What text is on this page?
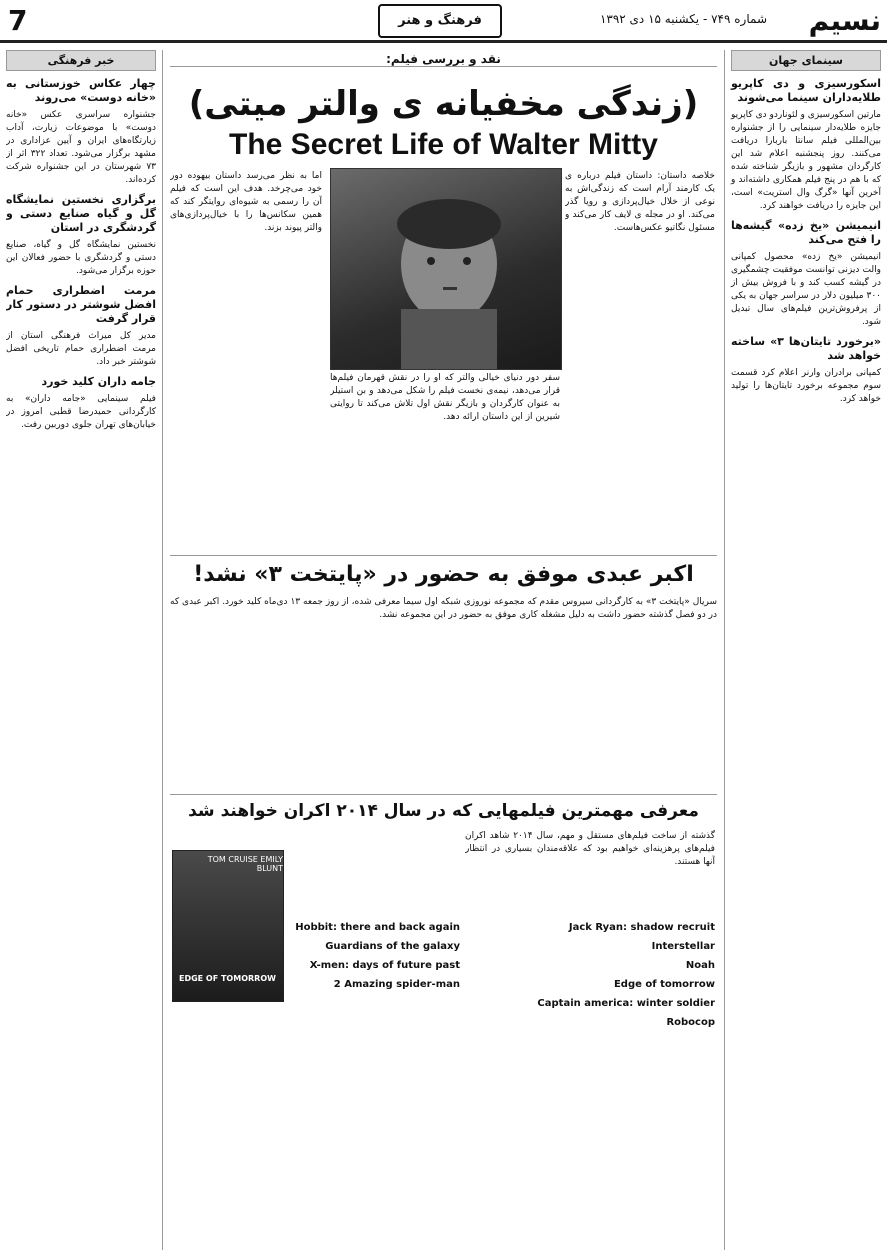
نسیم
شماره ۷۴۹ - یکشنبه ۱۵ دی ۱۳۹۲
فرهنگ و هنر
7
سینمای جهان
اسکورسیزی و دی کاپریو طلایه‌داران سینما می‌شوند

مارتین اسکورسیزی و لئوناردو دی کاپریو جایزه طلایه‌دار سینمایی را از جشنواره بین‌المللی فیلم سانتا باربارا دریافت می‌کنند. روز پنجشنبه اعلام شد این کارگردان مشهور و بازیگر شناخته شده که با هم در پنج فیلم همکاری داشته‌اند و آخرین آنها «گرگ وال استریت» است، این جایزه را دریافت خواهند کرد.

انیمیشن «یخ زده» گیشه‌ها را فتح می‌کند

انیمیشن «یخ زده» محصول کمپانی والت دیزنی توانست موفقیت چشمگیری در گیشه کسب کند و با فروش بیش از ۳۰۰ میلیون دلار در سراسر جهان به یکی از پرفروش‌ترین فیلم‌های سال تبدیل شود.

«برخورد تایتان‌ها ۳» ساخته خواهد شد

کمپانی برادران وارنر اعلام کرد قسمت سوم مجموعه برخورد تایتان‌ها را تولید خواهد کرد.

خبر فرهنگی
چهار عکاس خوزستانی به «خانه دوست» می‌روند

جشنواره سراسری عکس «خانه دوست» با موضوعات زیارت، آداب زیارتگاه‌های ایران و آیین عزاداری در مشهد برگزار می‌شود. تعداد ۳۲۲ اثر از ۷۳ شهرستان در این جشنواره شرکت کرده‌اند.

برگزاری نخستین نمایشگاه گل و گیاه صنایع دستی و گردشگری در استان

نخستین نمایشگاه گل و گیاه، صنایع دستی و گردشگری با حضور فعالان این حوزه برگزار می‌شود.

مرمت اضطراری حمام افضل شوشتر در دستور کار قرار گرفت

مدیر کل میراث فرهنگی استان از مرمت اضطراری حمام تاریخی افضل شوشتر خبر داد.

جامه داران کلید خورد

فیلم سینمایی «جامه داران» به کارگردانی حمیدرضا قطبی امروز در خیابان‌های تهران جلوی دوربین رفت.

نقد و بررسی فیلم:
(زندگی مخفیانه ی والتر میتی)
The Secret Life of Walter Mitty
خلاصه داستان: داستان فیلم درباره ی یک کارمند آرام است که زندگی‌اش به نوعی از خلال خیال‌پردازی و رویا گذر می‌کند. او در مجله ی لایف کار می‌کند و مسئول نگاتیو عکس‌هاست.
سفر دور دنیای خیالی والتر که او را در نقش قهرمان فیلم‌ها قرار می‌دهد، نیمه‌ی نخست فیلم را شکل می‌دهد و بن استیلر به عنوان کارگردان و بازیگر نقش اول تلاش می‌کند تا روایتی شیرین از این داستان ارائه دهد.
اما به نظر می‌رسد داستان بیهوده دور خود می‌چرخد. هدف این است که فیلم آن را رسمی به شیوه‌ای روایتگر کند که همین سکانس‌ها را با خیال‌پردازی‌های والتر پیوند بزند.
اکبر عبدی موفق به حضور در «پایتخت ۳» نشد!
سریال «پایتخت ۳» به کارگردانی سیروس مقدم که مجموعه نوروزی شبکه اول سیما معرفی شده، از روز جمعه ۱۳ دی‌ماه کلید خورد. اکبر عبدی که در دو فصل گذشته حضور داشت به دلیل مشغله کاری موفق به حضور در این مجموعه نشد.
معرفی مهمترین فیلمهایی که در سال ۲۰۱۴ اکران خواهند شد
گذشته از ساخت فیلم‌های مستقل و مهم، سال ۲۰۱۴ شاهد اکران فیلم‌های پرهزینه‌ای خواهیم بود که علاقه‌مندان بسیاری در انتظار آنها هستند.
TOM CRUISE EMILY BLUNT
EDGE OF TOMORROW
Jack Ryan: shadow recruit
Interstellar
Noah
Edge of tomorrow
Captain america: winter soldier
Robocop
Hobbit: there and back again
Guardians of the galaxy
X-men: days of future past
2 Amazing spider-man
